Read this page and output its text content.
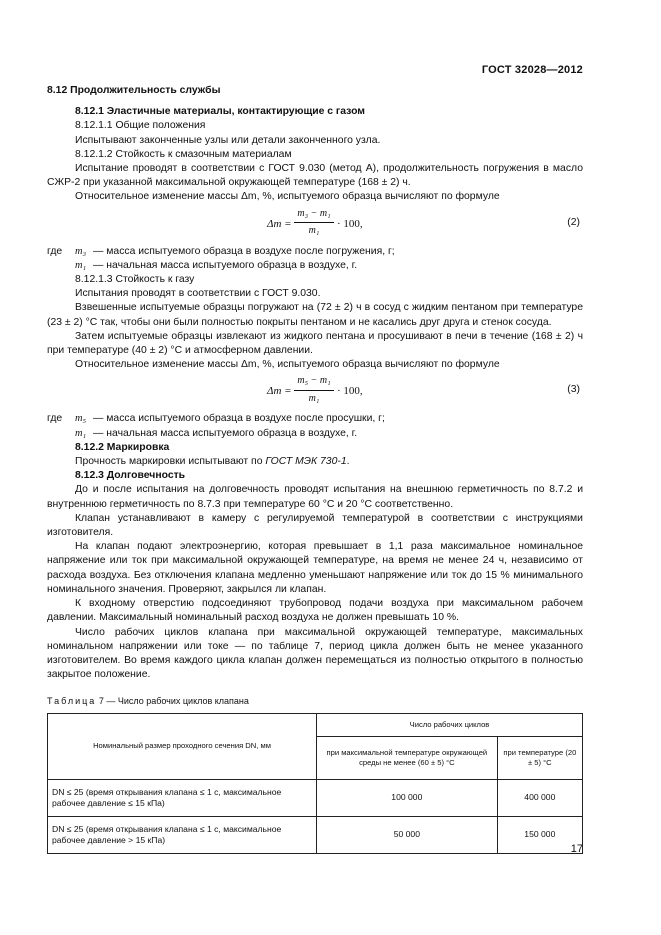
ГОСТ 32028—2012

8.12 Продолжительность службы

8.12.1 Эластичные материалы, контактирующие с газом

8.12.1.1 Общие положения

Испытывают законченные узлы или детали законченного узла.

8.12.1.2 Стойкость к смазочным материалам

Испытание проводят в соответствии с ГОСТ 9.030 (метод А), продолжительность погружения в масло СЖР-2 при указанной максимальной окружающей температуре (168 ± 2) ч.

Относительное изменение массы Δm, %, испытуемого образца вычисляют по формуле

$\Delta m = \frac{\text{m₃ − m₁}}{\text{m₁}} \cdot 100$,	(2)
где	m₃ — масса испытуемого образца в воздухе после погружения, г;
m₁ — начальная масса испытуемого образца в воздухе, г.

8.12.1.3 Стойкость к газу

Испытания проводят в соответствии с ГОСТ 9.030.

Взвешенные испытуемые образцы погружают на (72 ± 2) ч в сосуд с жидким пентаном при температуре (23 ± 2) °С так, чтобы они были полностью покрыты пентаном и не касались друг друга и стенок сосуда.

Затем испытуемые образцы извлекают из жидкого пентана и просушивают в печи в течение (168 ± 2) ч при температуре (40 ± 2) °С и атмосферном давлении.

Относительное изменение массы Δm, %, испытуемого образца вычисляют по формуле

$\Delta m = \frac{\text{m₅ − m₁}}{\text{m₁}} \cdot 100$,	(3)
где	m₅ — масса испытуемого образца в воздухе после просушки, г;
m₁ — начальная масса испытуемого образца в воздухе, г.

8.12.2 Маркировка

Прочность маркировки испытывают по ГОСТ МЭК 730-1.

8.12.3 Долговечность

До и после испытания на долговечность проводят испытания на внешнюю герметичность по 8.7.2 и внутреннюю герметичность по 8.7.3 при температуре 60 °С и 20 °С соответственно.

Клапан устанавливают в камеру с регулируемой температурой в соответствии с инструкциями изготовителя.

На клапан подают электроэнергию, которая превышает в 1,1 раза максимальное номинальное напряжение или ток при максимальной окружающей температуре, на время не менее 24 ч, независимо от расхода воздуха. Без отключения клапана медленно уменьшают напряжение или ток до 15 % минимального номинального значения. Проверяют, закрылся ли клапан.

К входному отверстию подсоединяют трубопровод подачи воздуха при максимальном рабочем давлении. Максимальный номинальный расход воздуха не должен превышать 10 %.

Число рабочих циклов клапана при максимальной окружающей температуре, максимальных номинальном напряжении или токе — по таблице 7, период цикла должен быть не менее указанного изготовителем. Во время каждого цикла клапан должен перемещаться из полностью открытого в полностью закрытое положение.

Таблица 7 — Число рабочих циклов клапана
Номинальный размер проходного сечения DN, мм	Число рабочих циклов	
	при максимальной температуре окружающей среды не менее (60 ± 5) °С	при температуре (20 ± 5) °С
DN ≤ 25 (время открывания клапана ≤ 1 с, максимальное рабочее давление ≤ 15 кПа)	100 000	400 000
DN ≤ 25 (время открывания клапана ≤ 1 с, максимальное рабочее давление > 15 кПа)	50 000	150 000
17
